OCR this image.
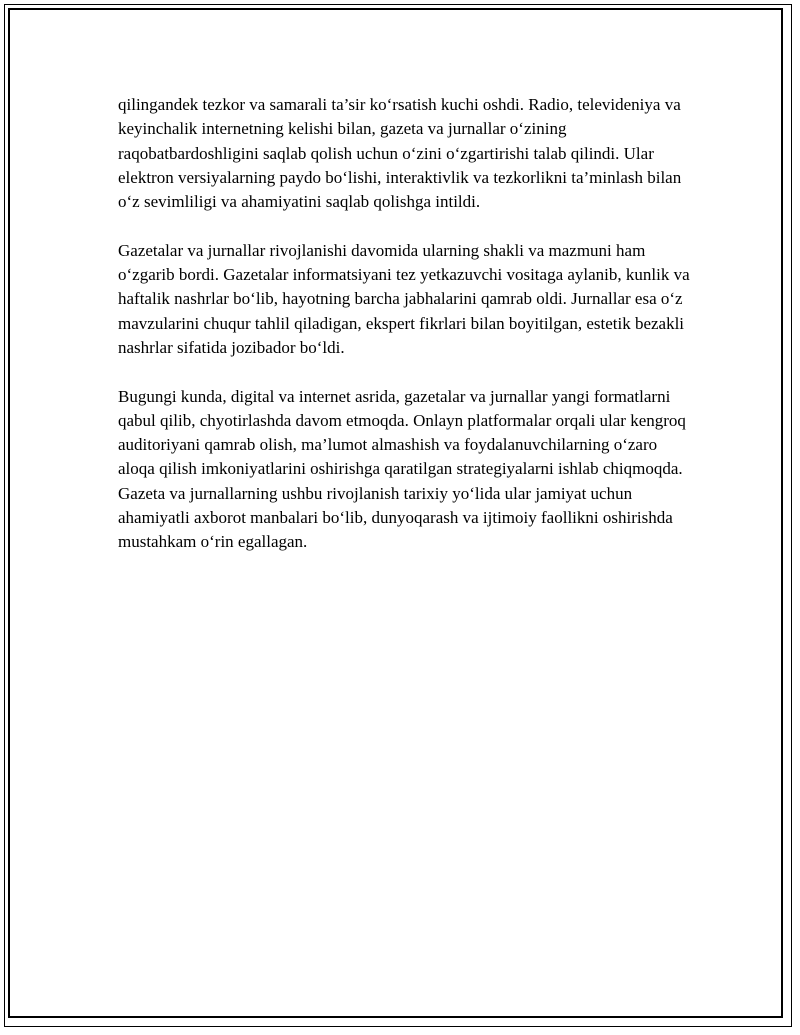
qilingandek tezkor va samarali ta’sir ko‘rsatish kuchi oshdi. Radio, televideniya va keyinchalik internetning kelishi bilan, gazeta va jurnallar o‘zining raqobatbardoshligini saqlab qolish uchun o‘zini o‘zgartirishi talab qilindi. Ular elektron versiyalarning paydo bo‘lishi, interaktivlik va tezkorlikni ta’minlash bilan o‘z sevimliligi va ahamiyatini saqlab qolishga intildi.

Gazetalar va jurnallar rivojlanishi davomida ularning shakli va mazmuni ham o‘zgarib bordi. Gazetalar informatsiyani tez yetkazuvchi vositaga aylanib, kunlik va haftalik nashrlar bo‘lib, hayotning barcha jabhalarini qamrab oldi. Jurnallar esa o‘z mavzularini chuqur tahlil qiladigan, ekspert fikrlari bilan boyitilgan, estetik bezakli nashrlar sifatida jozibador bo‘ldi.

Bugungi kunda, digital va internet asrida, gazetalar va jurnallar yangi formatlarni qabul qilib, chyotirlashda davom etmoqda. Onlayn platformalar orqali ular kengroq auditoriyani qamrab olish, ma’lumot almashish va foydalanuvchilarning o‘zaro aloqa qilish imkoniyatlarini oshirishga qaratilgan strategiyalarni ishlab chiqmoqda. Gazeta va jurnallarning ushbu rivojlanish tarixiy yo‘lida ular jamiyat uchun ahamiyatli axborot manbalari bo‘lib, dunyoqarash va ijtimoiy faollikni oshirishda mustahkam o‘rin egallagan.
